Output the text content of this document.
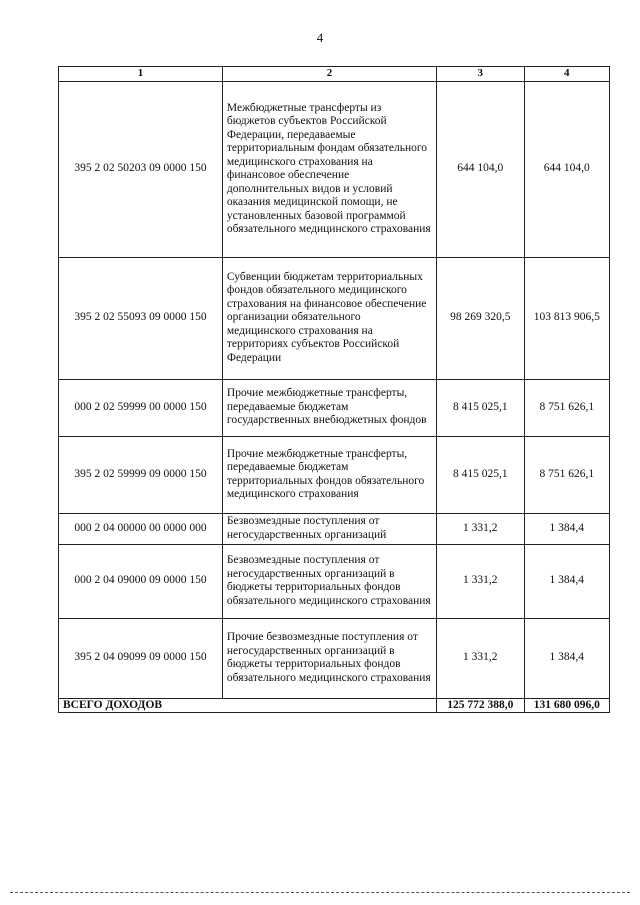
4
1	2	3	4
395 2 02 50203 09 0000 150	Межбюджетные трансферты из бюджетов субъектов Российской Федерации, передаваемые территориальным фондам обязательного медицинского страхования на финансовое обеспечение дополнительных видов и условий оказания медицинской помощи, не установленных базовой программой обязательного медицинского страхования	644 104,0	644 104,0
395 2 02 55093 09 0000 150	Субвенции бюджетам территориальных фондов обязательного медицинского страхования на финансовое обеспечение организации обязательного медицинского страхования на территориях субъектов Российской Федерации	98 269 320,5	103 813 906,5
000 2 02 59999 00 0000 150	Прочие межбюджетные трансферты, передаваемые бюджетам государственных внебюджетных фондов	8 415 025,1	8 751 626,1
395 2 02 59999 09 0000 150	Прочие межбюджетные трансферты, передаваемые бюджетам территориальных фондов обязательного медицинского страхования	8 415 025,1	8 751 626,1
000 2 04 00000 00 0000 000	Безвозмездные поступления от негосударственных организаций	1 331,2	1 384,4
000 2 04 09000 09 0000 150	Безвозмездные поступления от негосударственных организаций в бюджеты территориальных фондов обязательного медицинского страхования	1 331,2	1 384,4
395 2 04 09099 09 0000 150	Прочие безвозмездные поступления от негосударственных организаций в бюджеты территориальных фондов обязательного медицинского страхования	1 331,2	1 384,4
ВСЕГО ДОХОДОВ		125 772 388,0	131 680 096,0
